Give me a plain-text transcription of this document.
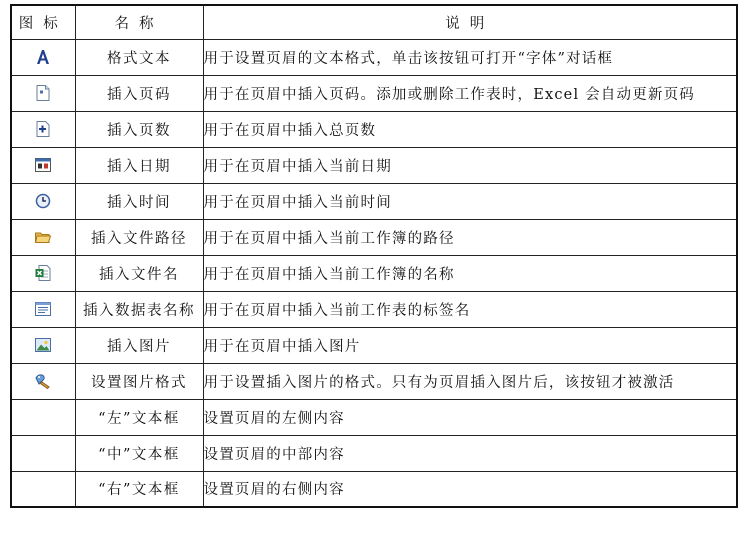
图标	名称	说明

	格式文本	用于设置页眉的文本格式，单击该按钮可打开“字体”对话框

	插入页码	用于在页眉中插入页码。添加或删除工作表时，Excel 会自动更新页码

	插入页数	用于在页眉中插入总页数

	插入日期	用于在页眉中插入当前日期

	插入时间	用于在页眉中插入当前时间

	插入文件路径	用于在页眉中插入当前工作簿的路径

	插入文件名	用于在页眉中插入当前工作簿的名称

	插入数据表名称	用于在页眉中插入当前工作表的标签名

	插入图片	用于在页眉中插入图片

	设置图片格式	用于设置插入图片的格式。只有为页眉插入图片后，该按钮才被激活
	“左”文本框	设置页眉的左侧内容
	“中”文本框	设置页眉的中部内容
	“右”文本框	设置页眉的右侧内容
